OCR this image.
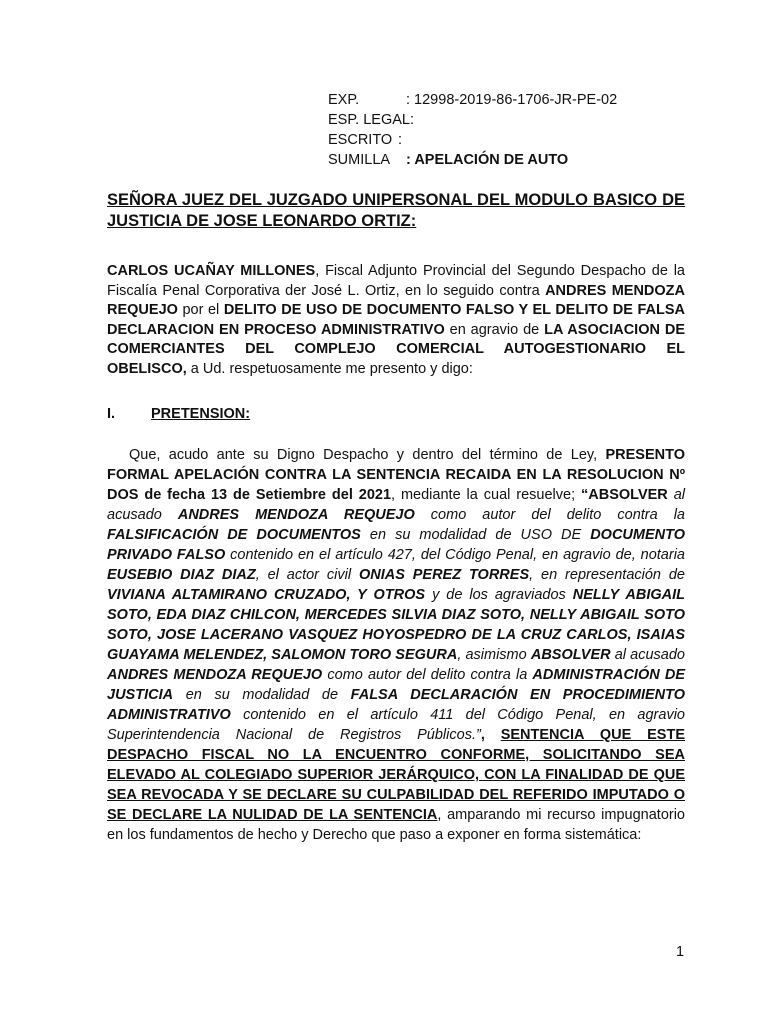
EXP.	: 12998-2019-86-1706-JR-PE-02
ESP. LEGAL :
ESCRITO :
SUMILLA	: APELACIÓN DE AUTO

SEÑORA JUEZ DEL JUZGADO UNIPERSONAL DEL MODULO BASICO DE JUSTICIA DE JOSE LEONARDO ORTIZ:

CARLOS UCAÑAY MILLONES, Fiscal Adjunto Provincial del Segundo Despacho de la Fiscalía Penal Corporativa der José L. Ortiz, en lo seguido contra ANDRES MENDOZA REQUEJO por el DELITO DE USO DE DOCUMENTO FALSO Y EL DELITO DE FALSA DECLARACION EN PROCESO ADMINISTRATIVO en agravio de LA ASOCIACION DE COMERCIANTES DEL COMPLEJO COMERCIAL AUTOGESTIONARIO EL OBELISCO, a Ud. respetuosamente me presento y digo:

I.	PRETENSION:

Que, acudo ante su Digno Despacho y dentro del término de Ley, PRESENTO FORMAL APELACIÓN CONTRA LA SENTENCIA RECAIDA EN LA RESOLUCION Nº DOS de fecha 13 de Setiembre del 2021, mediante la cual resuelve; “ABSOLVER al acusado ANDRES MENDOZA REQUEJO como autor del delito contra la FALSIFICACIÓN DE DOCUMENTOS en su modalidad de USO DE DOCUMENTO PRIVADO FALSO contenido en el artículo 427, del Código Penal, en agravio de, notaria EUSEBIO DIAZ DIAZ, el actor civil ONIAS PEREZ TORRES, en representación de VIVIANA ALTAMIRANO CRUZADO, Y OTROS y de los agraviados NELLY ABIGAIL SOTO, EDA DIAZ CHILCON, MERCEDES SILVIA DIAZ SOTO, NELLY ABIGAIL SOTO SOTO, JOSE LACERANO VASQUEZ HOYOSPEDRO DE LA CRUZ CARLOS, ISAIAS GUAYAMA MELENDEZ, SALOMON TORO SEGURA, asimismo ABSOLVER al acusado ANDRES MENDOZA REQUEJO como autor del delito contra la ADMINISTRACIÓN DE JUSTICIA en su modalidad de FALSA DECLARACIÓN EN PROCEDIMIENTO ADMINISTRATIVO contenido en el artículo 411 del Código Penal, en agravio Superintendencia Nacional de Registros Públicos.”, SENTENCIA QUE ESTE DESPACHO FISCAL NO LA ENCUENTRO CONFORME, SOLICITANDO SEA ELEVADO AL COLEGIADO SUPERIOR JERÁRQUICO, CON LA FINALIDAD DE QUE SEA REVOCADA Y SE DECLARE SU CULPABILIDAD DEL REFERIDO IMPUTADO O SE DECLARE LA NULIDAD DE LA SENTENCIA, amparando mi recurso impugnatorio en los fundamentos de hecho y Derecho que paso a exponer en forma sistemática:

1
